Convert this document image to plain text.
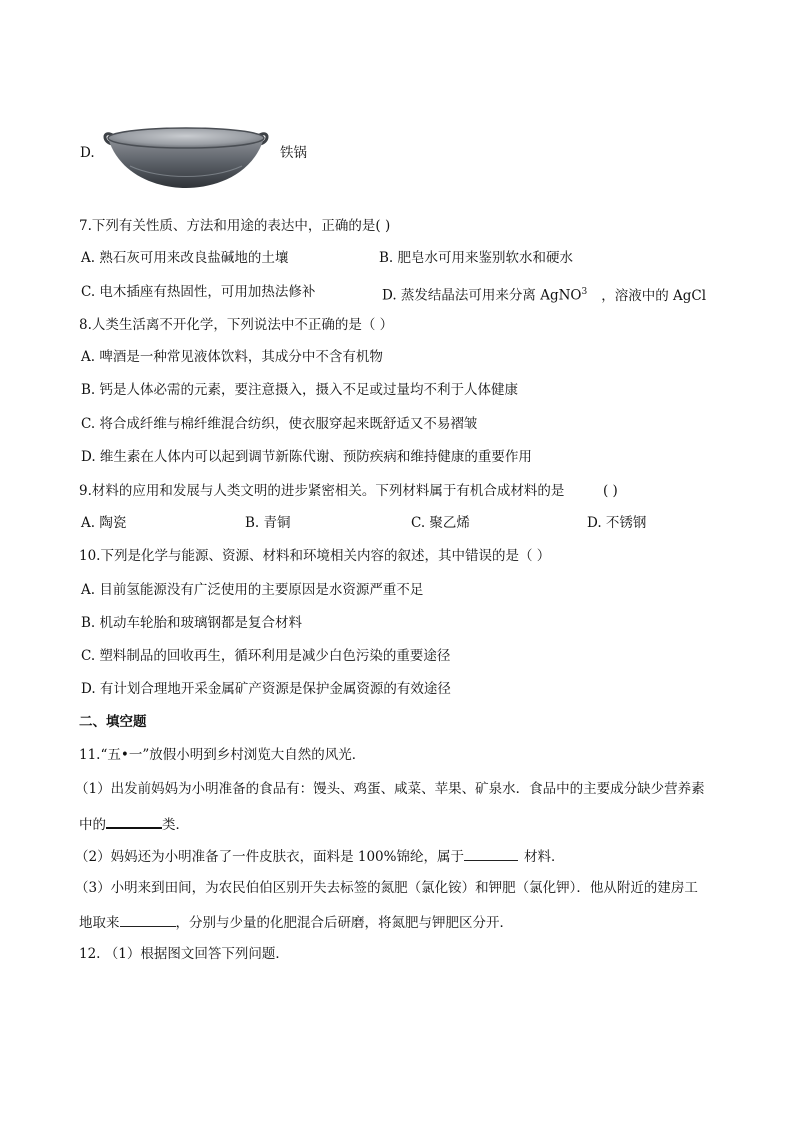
D.	铁锅
7.下列有关性质、方法和用途的表达中，正确的是( )
A. 熟石灰可用来改良盐碱地的土壤	B. 肥皂水可用来鉴别软水和硬水
C. 电木插座有热固性，可用加热法修补	D. 蒸发结晶法可用来分离 AgNO$^3$ ，溶液中的 AgCl
8.人类生活离不开化学，下列说法中不正确的是（ ）
A. 啤酒是一种常见液体饮料，其成分中不含有机物
B. 钙是人体必需的元素，要注意摄入，摄入不足或过量均不利于人体健康
C. 将合成纤维与棉纤维混合纺织，使衣服穿起来既舒适又不易褶皱
D. 维生素在人体内可以起到调节新陈代谢、预防疾病和维持健康的重要作用
9.材料的应用和发展与人类文明的进步紧密相关。下列材料属于有机合成材料的是	( )
A. 陶瓷	B. 青铜	C. 聚乙烯	D. 不锈钢
10.下列是化学与能源、资源、材料和环境相关内容的叙述，其中错误的是（ ）
A. 目前氢能源没有广泛使用的主要原因是水资源严重不足
B. 机动车轮胎和玻璃钢都是复合材料
C. 塑料制品的回收再生，循环利用是减少白色污染的重要途径
D. 有计划合理地开采金属矿产资源是保护金属资源的有效途径
二、填空题
11.“五•一”放假小明到乡村浏览大自然的风光．
（1）出发前妈妈为小明准备的食品有：馒头、鸡蛋、咸菜、苹果、矿泉水．食品中的主要成分缺少营养素
中的	类．
（2）妈妈还为小明准备了一件皮肤衣，面料是 100%锦纶，属于	材料．
（3）小明来到田间，为农民伯伯区别开失去标签的氮肥（氯化铵）和钾肥（氯化钾）．他从附近的建房工
地取来	，分别与少量的化肥混合后研磨，将氮肥与钾肥区分开．
12. （1）根据图文回答下列问题．
